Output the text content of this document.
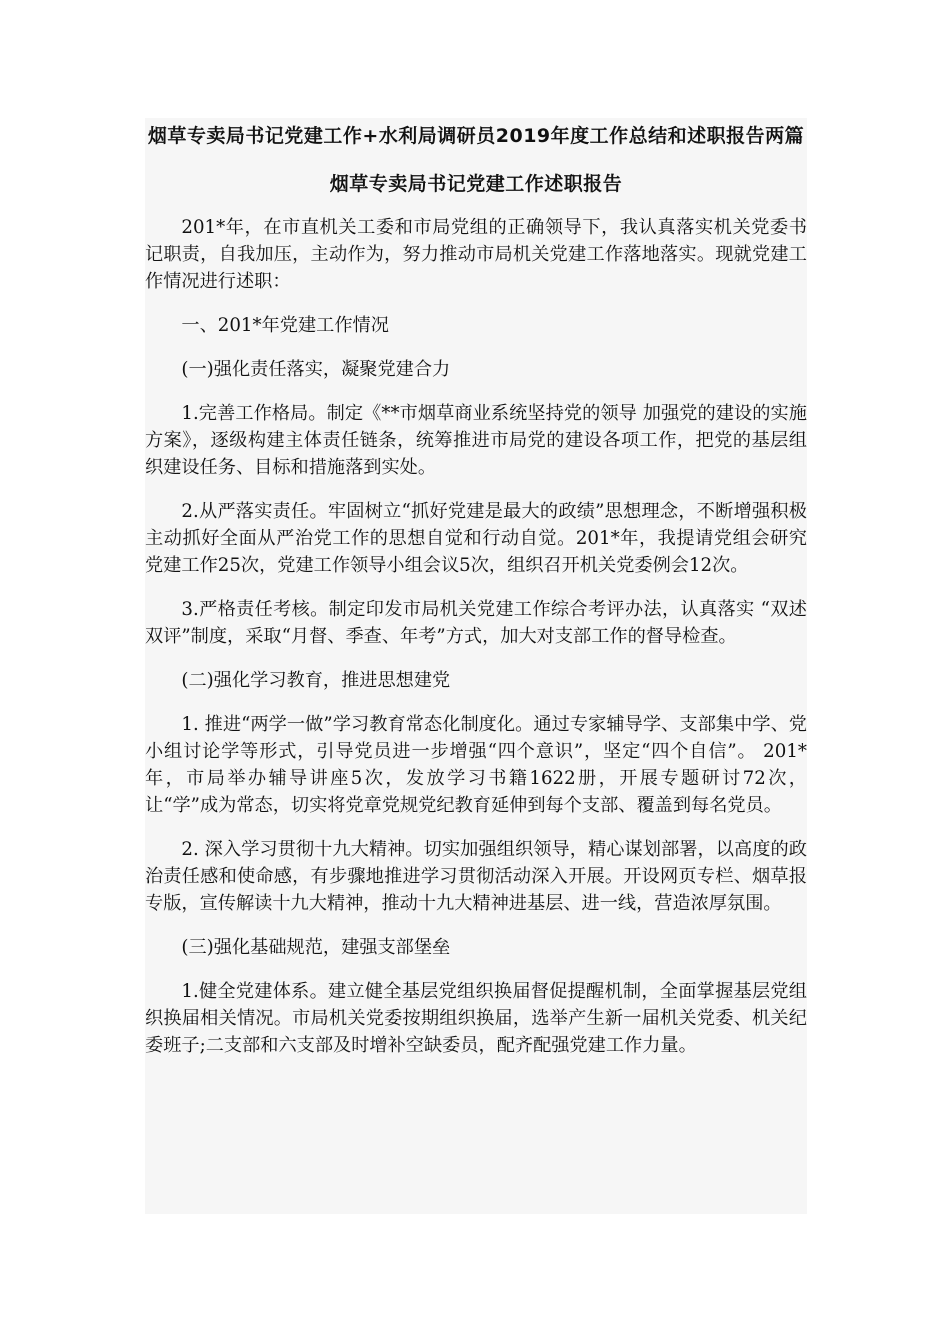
烟草专卖局书记党建工作+水利局调研员2019年度工作总结和述职报告两篇
烟草专卖局书记党建工作述职报告

201*年，在市直机关工委和市局党组的正确领导下，我认真落实机关党委书记职责，自我加压，主动作为，努力推动市局机关党建工作落地落实。现就党建工作情况进行述职：

一、201*年党建工作情况

(一)强化责任落实，凝聚党建合力

1.完善工作格局。制定《**市烟草商业系统坚持党的领导 加强党的建设的实施方案》，逐级构建主体责任链条，统筹推进市局党的建设各项工作，把党的基层组织建设任务、目标和措施落到实处。

2.从严落实责任。牢固树立“抓好党建是最大的政绩”思想理念，不断增强积极主动抓好全面从严治党工作的思想自觉和行动自觉。201*年，我提请党组会研究党建工作25次，党建工作领导小组会议5次，组织召开机关党委例会12次。

3.严格责任考核。制定印发市局机关党建工作综合考评办法，认真落实 “双述双评”制度，采取“月督、季查、年考”方式，加大对支部工作的督导检查。

(二)强化学习教育，推进思想建党

1. 推进“两学一做”学习教育常态化制度化。通过专家辅导学、支部集中学、党小组讨论学等形式，引导党员进一步增强“四个意识”，坚定“四个自信”。 201*年，市局举办辅导讲座5次，发放学习书籍1622册，开展专题研讨72次，让“学”成为常态，切实将党章党规党纪教育延伸到每个支部、覆盖到每名党员。

2. 深入学习贯彻十九大精神。切实加强组织领导，精心谋划部署，以高度的政治责任感和使命感，有步骤地推进学习贯彻活动深入开展。开设网页专栏、烟草报专版，宣传解读十九大精神，推动十九大精神进基层、进一线，营造浓厚氛围。

(三)强化基础规范，建强支部堡垒

1.健全党建体系。建立健全基层党组织换届督促提醒机制，全面掌握基层党组织换届相关情况。市局机关党委按期组织换届，选举产生新一届机关党委、机关纪委班子;二支部和六支部及时增补空缺委员，配齐配强党建工作力量。
